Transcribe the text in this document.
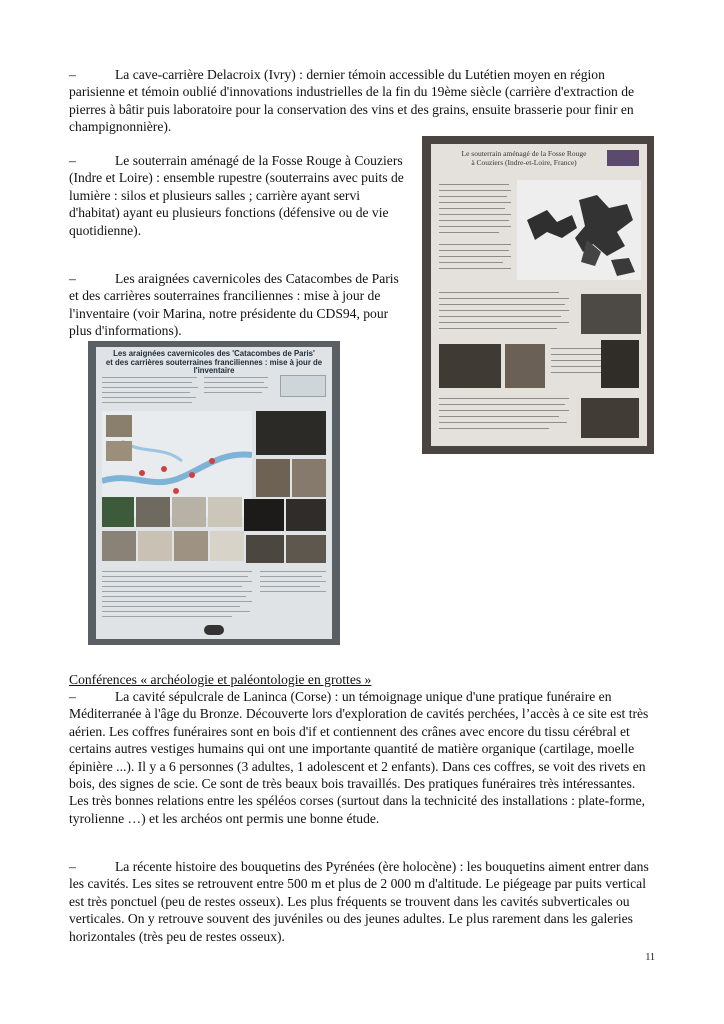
–	La cave-carrière Delacroix (Ivry) : dernier témoin accessible du Lutétien moyen en région parisienne et témoin oublié d'innovations industrielles de la fin du 19ème siècle (carrière d'extraction de pierres à bâtir puis laboratoire pour la conservation des vins et des grains, ensuite brasserie pour finir en champignonnière).
–	Le souterrain aménagé de la Fosse Rouge à Couziers (Indre et Loire) : ensemble rupestre (souterrains avec puits de lumière : silos et plusieurs salles ; carrière ayant servi d'habitat) ayant eu plusieurs fonctions (défensive ou de vie quotidienne).
–	Les araignées cavernicoles des Catacombes de Paris et des carrières souterraines franciliennes : mise à jour de l'inventaire (voir Marina, notre présidente du CDS94, pour plus d'informations).
Le souterrain aménagé de la Fosse Rouge
à Couziers (Indre-et-Loire, France)
Les araignées cavernicoles des 'Catacombes de Paris'
et des carrières souterraines franciliennes : mise à jour de l'inventaire
Conférences « archéologie et paléontologie en grottes »
–	La cavité sépulcrale de Laninca (Corse) : un témoignage unique d'une pratique funéraire en Méditerranée à l'âge du Bronze. Découverte lors d'exploration de cavités perchées, l’accès à ce site est très aérien. Les coffres funéraires sont en bois d'if et contiennent des crânes avec encore du tissu cérébral et certains autres vestiges humains qui ont une importante quantité de matière organique (cartilage, moelle épinière ...). Il y a 6 personnes (3 adultes, 1 adolescent et 2 enfants). Dans ces coffres, se voit des rivets en bois, des signes de scie. Ce sont de très beaux bois travaillés. Des pratiques funéraires très intéressantes. Les très bonnes relations entre les spéléos corses (surtout dans la technicité des installations : plate-forme, tyrolienne …) et les archéos ont permis une bonne étude.
–	La récente histoire des bouquetins des Pyrénées (ère holocène) : les bouquetins aiment entrer dans les cavités. Les sites se retrouvent entre 500 m et plus de 2 000 m d'altitude. Le piégeage par puits vertical est très ponctuel (peu de restes osseux). Les plus fréquents se trouvent dans les cavités subverticales ou verticales. On y retrouve souvent des juvéniles ou des jeunes adultes. Le plus rarement dans les galeries horizontales (très peu de restes osseux).
11
